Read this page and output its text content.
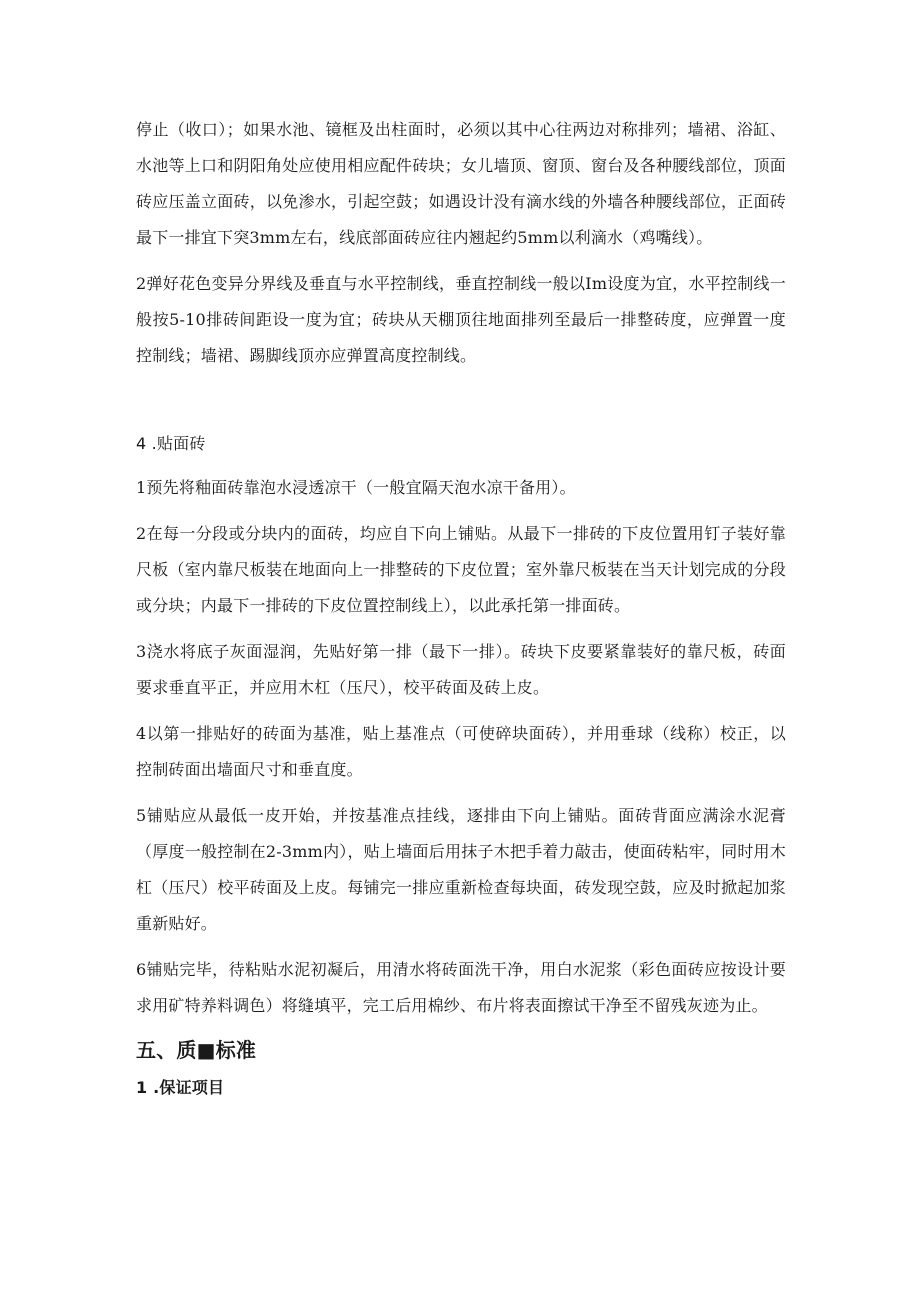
停止（收口）；如果水池、镜框及出柱面时，必须以其中心往两边对称排列；墙裙、浴缸、水池等上口和阴阳角处应使用相应配件砖块；女儿墙顶、窗顶、窗台及各种腰线部位，顶面砖应压盖立面砖，以免渗水，引起空鼓；如遇设计没有滴水线的外墙各种腰线部位，正面砖最下一排宜下突3mm左右，线底部面砖应往内翘起约5mm以利滴水（鸡嘴线）。

2弹好花色变异分界线及垂直与水平控制线，垂直控制线一般以Im设度为宜，水平控制线一般按5-10排砖间距设一度为宜；砖块从天棚顶往地面排列至最后一排整砖度，应弹置一度控制线；墙裙、踢脚线顶亦应弹置高度控制线。

4 .贴面砖

1预先将釉面砖靠泡水浸透凉干（一般宜隔天泡水凉干备用）。

2在每一分段或分块内的面砖，均应自下向上铺贴。从最下一排砖的下皮位置用钉子装好靠尺板（室内靠尺板装在地面向上一排整砖的下皮位置；室外靠尺板装在当天计划完成的分段或分块；内最下一排砖的下皮位置控制线上），以此承托第一排面砖。

3浇水将底子灰面湿润，先贴好第一排（最下一排）。砖块下皮要紧靠装好的靠尺板，砖面要求垂直平正，并应用木杠（压尺），校平砖面及砖上皮。

4以第一排贴好的砖面为基准，贴上基准点（可使碎块面砖），并用垂球（线称）校正，以控制砖面出墙面尺寸和垂直度。

5铺贴应从最低一皮开始，并按基准点挂线，逐排由下向上铺贴。面砖背面应满涂水泥膏（厚度一般控制在2-3mm内），贴上墙面后用抹子木把手着力敲击，使面砖粘牢，同时用木杠（压尺）校平砖面及上皮。每铺完一排应重新检查每块面，砖发现空鼓，应及时掀起加浆重新贴好。

6铺贴完毕，待粘贴水泥初凝后，用清水将砖面洗干净，用白水泥浆（彩色面砖应按设计要求用矿特养料调色）将缝填平，完工后用棉纱、布片将表面擦试干净至不留残灰迹为止。

五、质■标准
1 .保证项目
